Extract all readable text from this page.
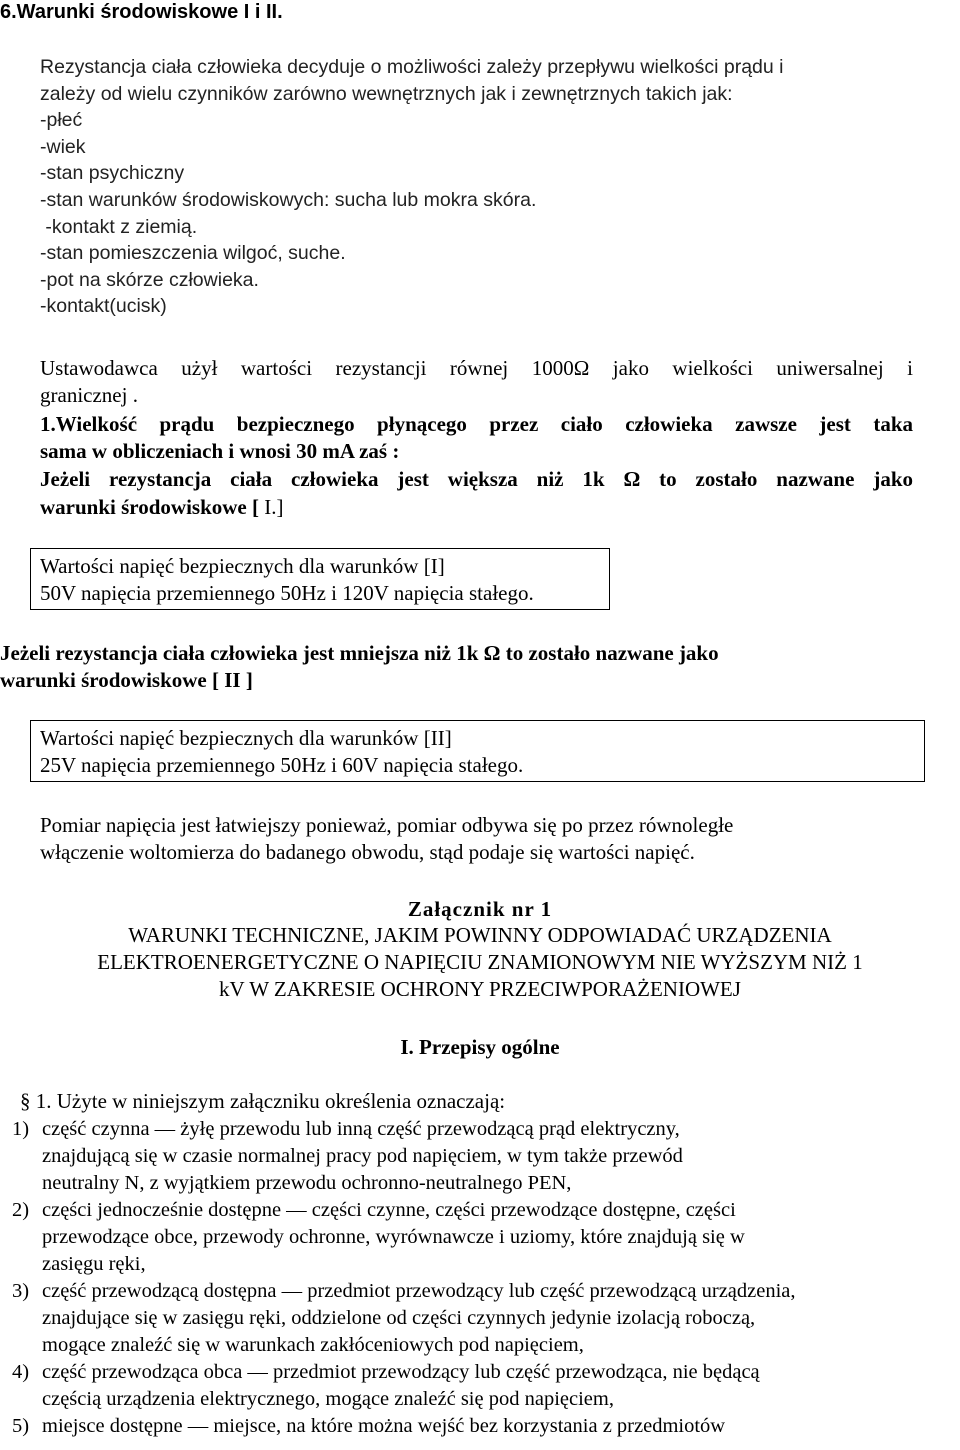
6.Warunki środowiskowe I i II.
Rezystancja ciała człowieka decyduje o możliwości zależy przepływu wielkości prądu i
zależy od wielu czynników zarówno wewnętrznych jak i zewnętrznych takich jak:
-płeć
-wiek
-stan psychiczny
-stan warunków środowiskowych: sucha lub mokra skóra.
-kontakt z ziemią.
-stan pomieszczenia wilgoć, suche.
-pot na skórze człowieka.
-kontakt(ucisk)
Ustawodawca użył wartości rezystancji równej 1000Ω jako wielkości uniwersalnej i
granicznej .
1.Wielkość prądu bezpiecznego płynącego przez ciało człowieka zawsze jest taka
sama w obliczeniach i wnosi 30 mA zaś :
Jeżeli rezystancja ciała człowieka jest większa niż 1k Ω to zostało nazwane jako
warunki środowiskowe [ I.]
Wartości napięć bezpiecznych dla warunków [I]
50V napięcia przemiennego 50Hz i 120V napięcia stałego.
Jeżeli rezystancja ciała człowieka jest mniejsza niż 1k Ω to zostało nazwane jako
warunki środowiskowe [ II ]
Wartości napięć bezpiecznych dla warunków [II]
25V napięcia przemiennego 50Hz i 60V napięcia stałego.
Pomiar napięcia jest łatwiejszy ponieważ, pomiar odbywa się po przez równoległe
włączenie woltomierza do badanego obwodu, stąd podaje się wartości napięć.
Załącznik nr 1
WARUNKI TECHNICZNE, JAKIM POWINNY ODPOWIADAĆ URZĄDZENIA
ELEKTROENERGETYCZNE O NAPIĘCIU ZNAMIONOWYM NIE WYŻSZYM NIŻ 1
kV W ZAKRESIE OCHRONY PRZECIWPORAŻENIOWEJ
I. Przepisy ogólne
§ 1. Użyte w niniejszym załączniku określenia oznaczają:
1) część czynna — żyłę przewodu lub inną część przewodzącą prąd elektryczny,
znajdującą się w czasie normalnej pracy pod napięciem, w tym także przewód
neutralny N, z wyjątkiem przewodu ochronno-neutralnego PEN,
2) części jednocześnie dostępne — części czynne, części przewodzące dostępne, części
przewodzące obce, przewody ochronne, wyrównawcze i uziomy, które znajdują się w
zasięgu ręki,
3) część przewodzącą dostępna — przedmiot przewodzący lub część przewodzącą urządzenia,
znajdujące się w zasięgu ręki, oddzielone od części czynnych jedynie izolacją roboczą,
mogące znaleźć się w warunkach zakłóceniowych pod napięciem,
4) część przewodząca obca — przedmiot przewodzący lub część przewodząca, nie będącą
częścią urządzenia elektrycznego, mogące znaleźć się pod napięciem,
5) miejsce dostępne — miejsce, na które można wejść bez korzystania z przedmiotów
